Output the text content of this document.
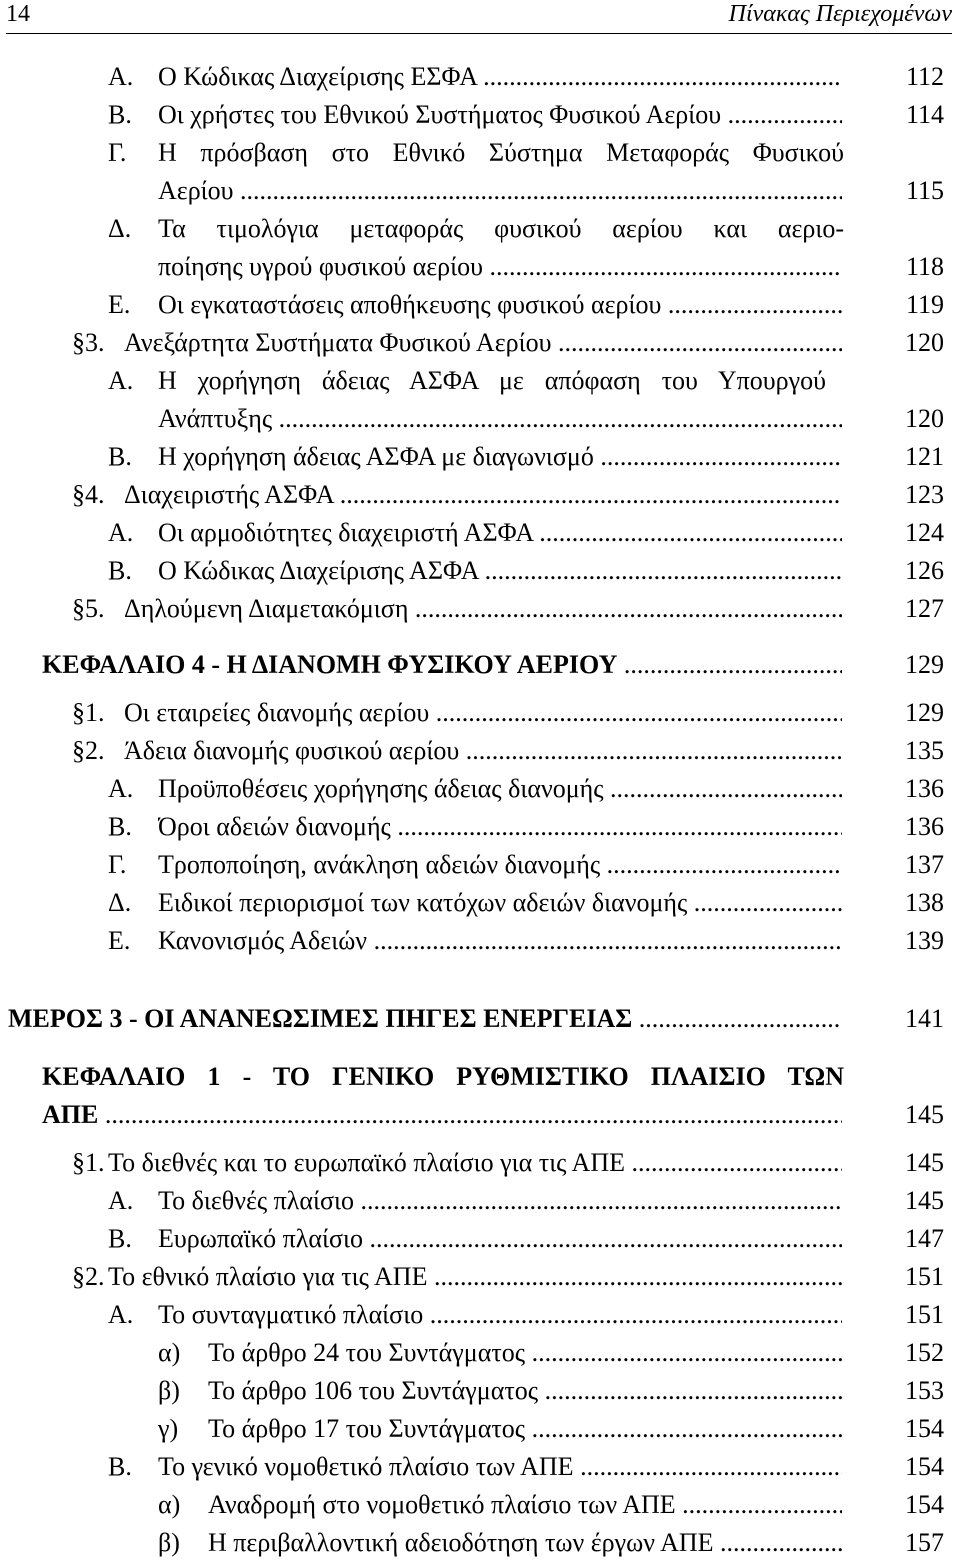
14	Πίνακας Περιεχομένων
Α. Ο Κώδικας Διαχείρισης ΕΣΦΑ .....	112
Β. Οι χρήστες του Εθνικού Συστήματος Φυσικού Αερίου .....	114
Γ. Η πρόσβαση στο Εθνικό Σύστημα Μεταφοράς Φυσικού
Αερίου .....	115
Δ. Τα τιμολόγια μεταφοράς φυσικού αερίου και αεριο-
ποίησης υγρού φυσικού αερίου .....	118
Ε. Οι εγκαταστάσεις αποθήκευσης φυσικού αερίου .....	119
§3. Ανεξάρτητα Συστήματα Φυσικού Αερίου .....	120
Α. Η χορήγηση άδειας ΑΣΦΑ με απόφαση του Υπουργού
Ανάπτυξης .....	120
Β. Η χορήγηση άδειας ΑΣΦΑ με διαγωνισμό .....	121
§4. Διαχειριστής ΑΣΦΑ .....	123
Α. Οι αρμοδιότητες διαχειριστή ΑΣΦΑ .....	124
Β. Ο Κώδικας Διαχείρισης ΑΣΦΑ .....	126
§5. Δηλούμενη Διαμετακόμιση .....	127
ΚΕΦΑΛΑΙΟ 4 - Η ΔΙΑΝΟΜΗ ΦΥΣΙΚΟΥ ΑΕΡΙΟΥ .....	129
§1. Οι εταιρείες διανομής αερίου .....	129
§2. Άδεια διανομής φυσικού αερίου .....	135
Α. Προϋποθέσεις χορήγησης άδειας διανομής .....	136
Β. Όροι αδειών διανομής .....	136
Γ. Τροποποίηση, ανάκληση αδειών διανομής .....	137
Δ. Ειδικοί περιορισμοί των κατόχων αδειών διανομής .....	138
Ε. Κανονισμός Αδειών .....	139
ΜΕΡΟΣ 3 - ΟΙ ΑΝΑΝΕΩΣΙΜΕΣ ΠΗΓΕΣ ΕΝΕΡΓΕΙΑΣ .....	141
ΚΕΦΑΛΑΙΟ 1 - ΤΟ ΓΕΝΙΚΟ ΡΥΘΜΙΣΤΙΚΟ ΠΛΑΙΣΙΟ ΤΩΝ
ΑΠΕ .....	145
§1. Το διεθνές και το ευρωπαϊκό πλαίσιο για τις ΑΠΕ .....	145
Α. Το διεθνές πλαίσιο .....	145
Β. Ευρωπαϊκό πλαίσιο .....	147
§2. Το εθνικό πλαίσιο για τις ΑΠΕ .....	151
Α. Το συνταγματικό πλαίσιο .....	151
α) Το άρθρο 24 του Συντάγματος .....	152
β) Το άρθρο 106 του Συντάγματος .....	153
γ) Το άρθρο 17 του Συντάγματος .....	154
Β. Το γενικό νομοθετικό πλαίσιο των ΑΠΕ .....	154
α) Αναδρομή στο νομοθετικό πλαίσιο των ΑΠΕ .....	154
β) Η περιβαλλοντική αδειοδότηση των έργων ΑΠΕ .....	157
